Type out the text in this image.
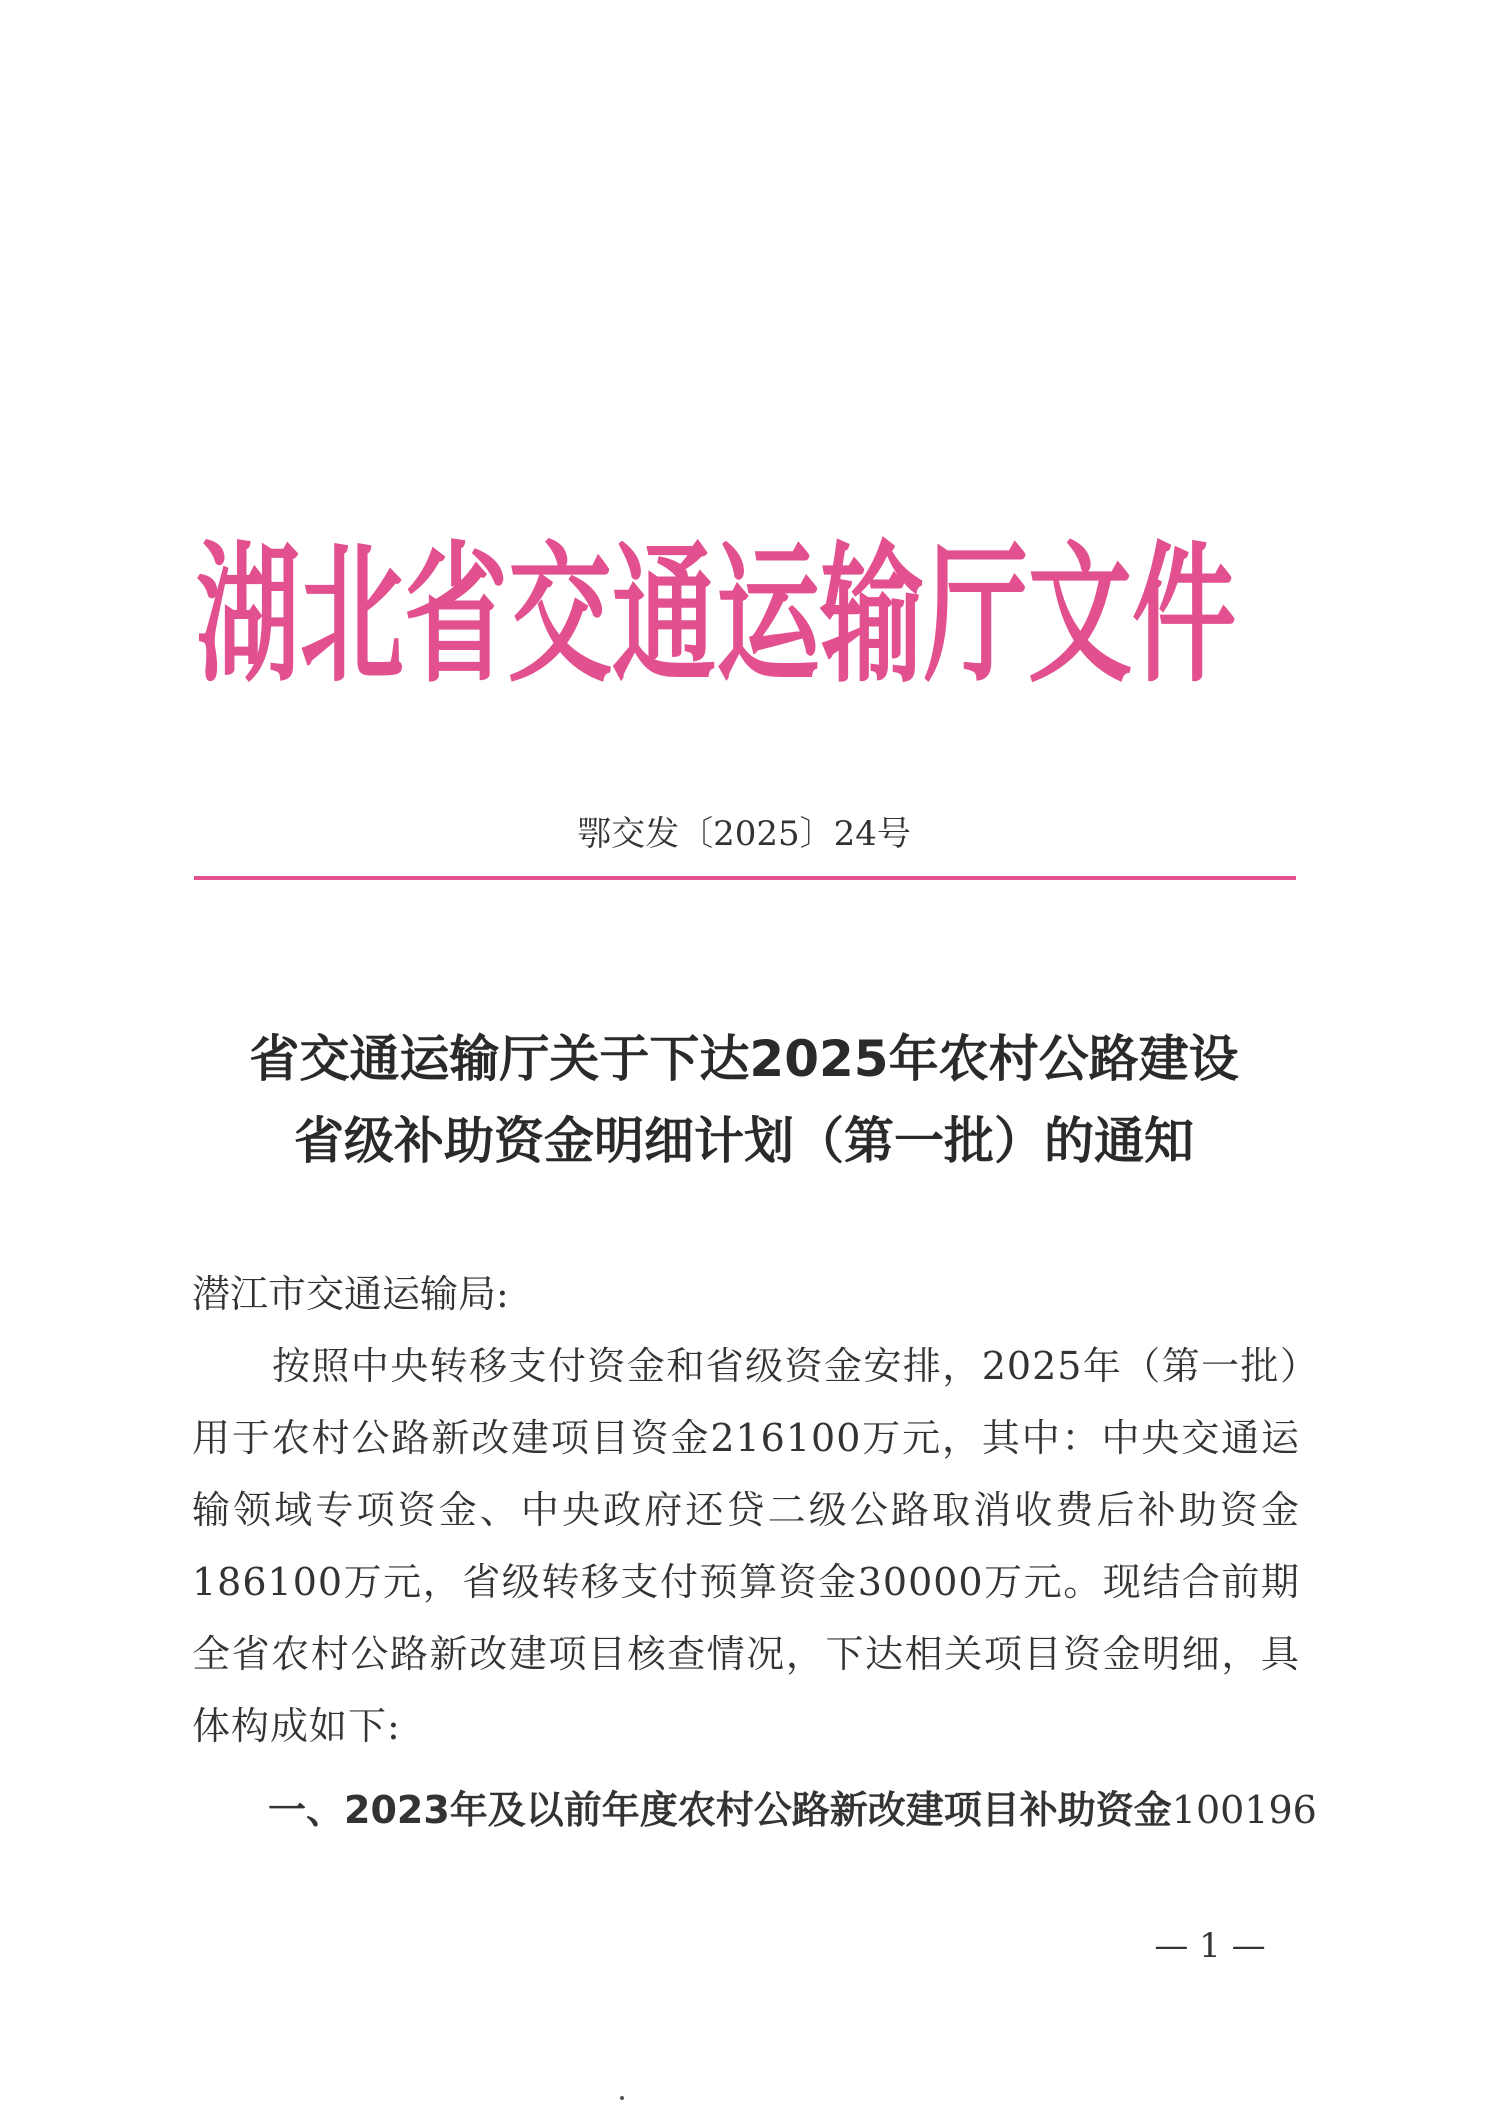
湖北省交通运输厅文件

鄂交发〔2025〕24号

省交通运输厅关于下达2025年农村公路建设
省级补助资金明细计划（第一批）的通知

潜江市交通运输局:

按照中央转移支付资金和省级资金安排，2025年（第一批）用于农村公路新改建项目资金216100万元，其中：中央交通运输领域专项资金、中央政府还贷二级公路取消收费后补助资金186100万元，省级转移支付预算资金30000万元。现结合前期全省农村公路新改建项目核查情况，下达相关项目资金明细，具体构成如下:

一、2023年及以前年度农村公路新改建项目补助资金100196

— 1 —
